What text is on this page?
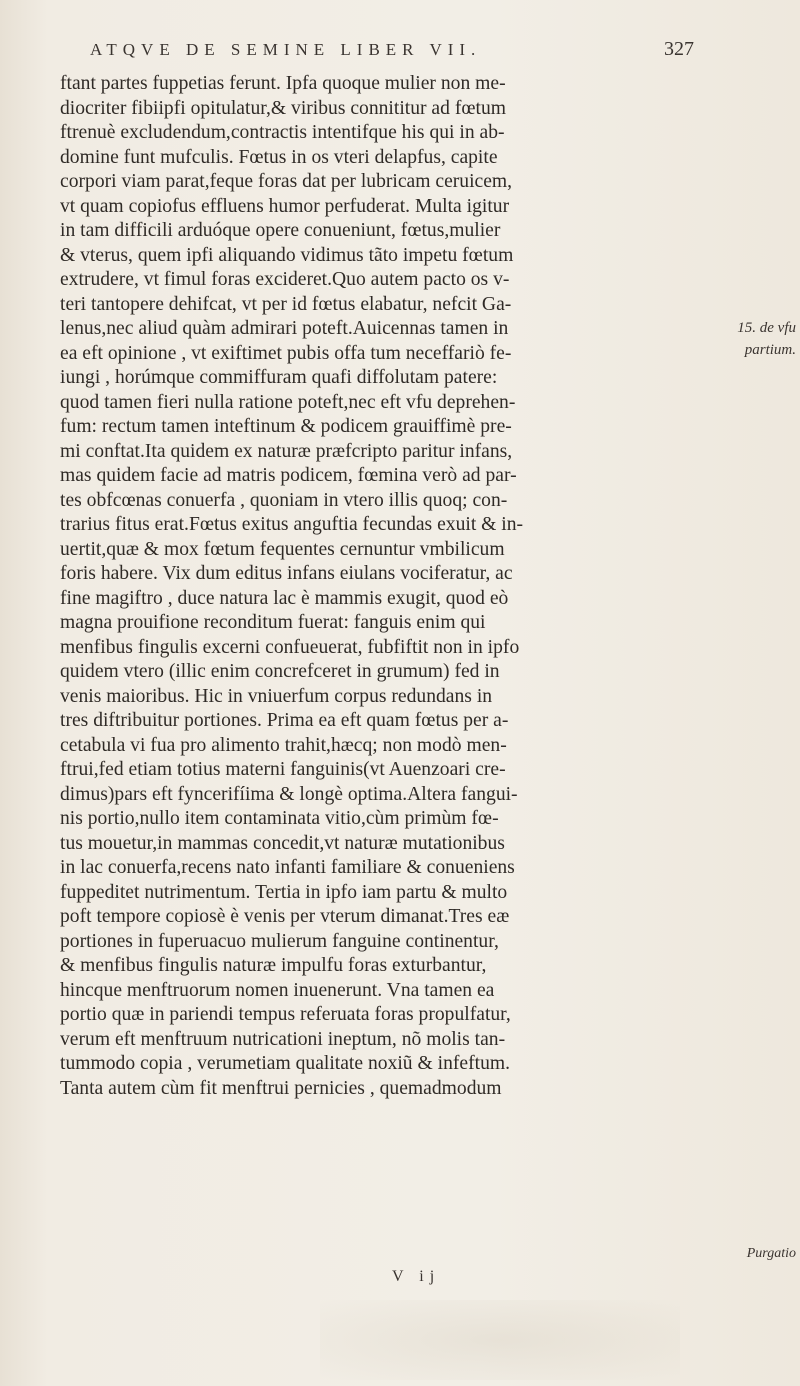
ATQVE DE SEMINE LIBER VII.	327
ftant partes fuppetias ferunt. Ipfa quoque mulier non me-
diocriter fibiipfi opitulatur,& viribus connititur ad fœtum
ftrenuè excludendum,contractis intentifque his qui in ab-
domine funt mufculis. Fœtus in os vteri delapfus, capite
corpori viam parat,feque foras dat per lubricam ceruicem,
vt quam copiofus effluens humor perfuderat. Multa igitur
in tam difficili arduóque opere conueniunt, fœtus,mulier
& vterus, quem ipfi aliquando vidimus tãto impetu fœtum
extrudere, vt fimul foras excideret.Quo autem pacto os v-
teri tantopere dehifcat, vt per id fœtus elabatur, nefcit Ga-
lenus,nec aliud quàm admirari poteft.Auicennas tamen in
ea eft opinione , vt exiftimet pubis offa tum neceffariò fe-
iungi , horúmque commiffuram quafi diffolutam patere:
quod tamen fieri nulla ratione poteft,nec eft vfu deprehen-
fum: rectum tamen inteftinum & podicem grauiffimè pre-
mi conftat.Ita quidem ex naturæ præfcripto paritur infans,
mas quidem facie ad matris podicem, fœmina verò ad par-
tes obfcœnas conuerfa , quoniam in vtero illis quoq; con-
trarius fitus erat.Fœtus exitus anguftia fecundas exuit & in-
uertit,quæ & mox fœtum fequentes cernuntur vmbilicum
foris habere. Vix dum editus infans eiulans vociferatur, ac
fine magiftro , duce natura lac è mammis exugit, quod eò
magna prouifione reconditum fuerat: fanguis enim qui
menfibus fingulis excerni confueuerat, fubfiftit non in ipfo
quidem vtero (illic enim concrefceret in grumum) fed in
venis maioribus. Hic in vniuerfum corpus redundans in
tres diftribuitur portiones. Prima ea eft quam fœtus per a-
cetabula vi fua pro alimento trahit,hæcq; non modò men-
ftrui,fed etiam totius materni fanguinis(vt Auenzoari cre-
dimus)pars eft fyncerifíima & longè optima.Altera fangui-
nis portio,nullo item contaminata vitio,cùm primùm fœ-
tus mouetur,in mammas concedit,vt naturæ mutationibus
in lac conuerfa,recens nato infanti familiare & conueniens
fuppeditet nutrimentum. Tertia in ipfo iam partu & multo
poft tempore copiosè è venis per vterum dimanat.Tres eæ
portiones in fuperuacuo mulierum fanguine continentur,
& menfibus fingulis naturæ impulfu foras exturbantur,
hincque menftruorum nomen inuenerunt. Vna tamen ea
portio quæ in pariendi tempus referuata foras propulfatur,
verum eft menftruum nutricationi ineptum, nõ molis tan-
tummodo copia , verumetiam qualitate noxiũ & infeftum.
Tanta autem cùm fit menftrui pernicies , quemadmodum
15. de vfu
partium.
Purgatio
V ij
